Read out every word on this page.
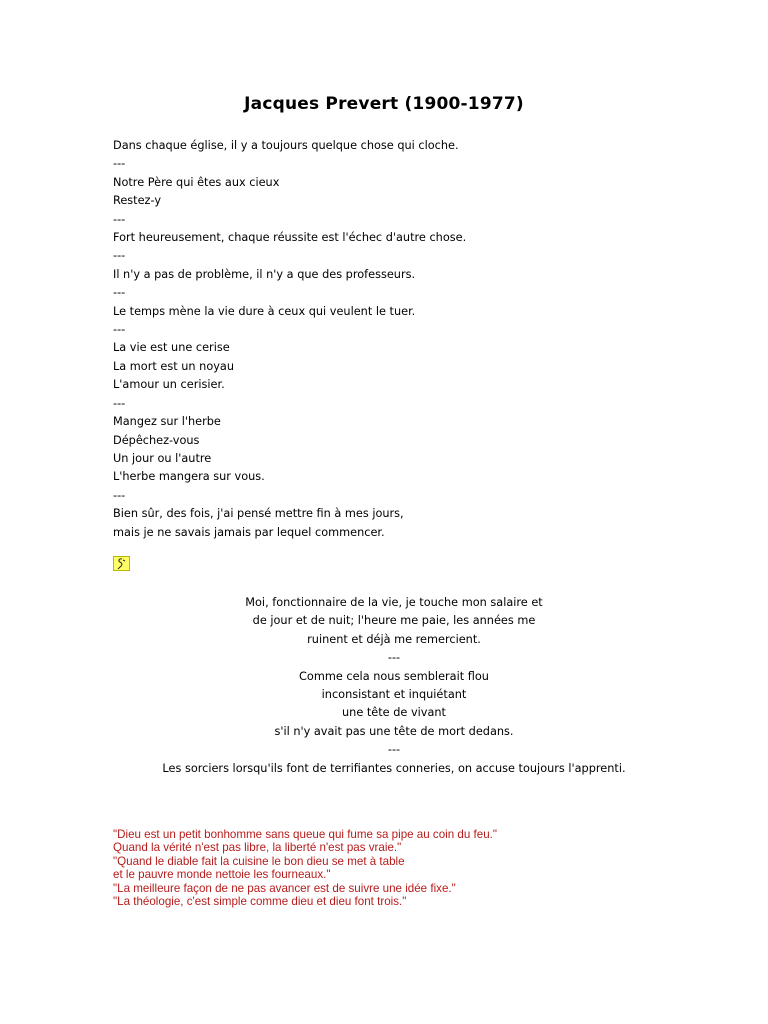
Jacques Prevert (1900-1977)
Dans chaque église, il y a toujours quelque chose qui cloche.
---
Notre Père qui êtes aux cieux
Restez-y
---
Fort heureusement, chaque réussite est l'échec d'autre chose.
---
Il n'y a pas de problème, il n'y a que des professeurs.
---
Le temps mène la vie dure à ceux qui veulent le tuer.
---
La vie est une cerise
La mort est un noyau
L'amour un cerisier.
---
Mangez sur l'herbe
Dépêchez-vous
Un jour ou l'autre
L'herbe mangera sur vous.
---
Bien sûr, des fois, j'ai pensé mettre fin à mes jours,
mais je ne savais jamais par lequel commencer.
Moi, fonctionnaire de la vie, je touche mon salaire et
de jour et de nuit; l'heure me paie, les années me
ruinent et déjà me remercient.
---
Comme cela nous semblerait flou
inconsistant et inquiétant
une tête de vivant
s'il n'y avait pas une tête de mort dedans.
---
Les sorciers lorsqu'ils font de terrifiantes conneries, on accuse toujours l'apprenti.
"Dieu est un petit bonhomme sans queue qui fume sa pipe au coin du feu."
Quand la vérité n'est pas libre, la liberté n'est pas vraie."
"Quand le diable fait la cuisine le bon dieu se met à table
et le pauvre monde nettoie les fourneaux."
"La meilleure façon de ne pas avancer est de suivre une idée fixe."
"La théologie, c'est simple comme dieu et dieu font trois."
